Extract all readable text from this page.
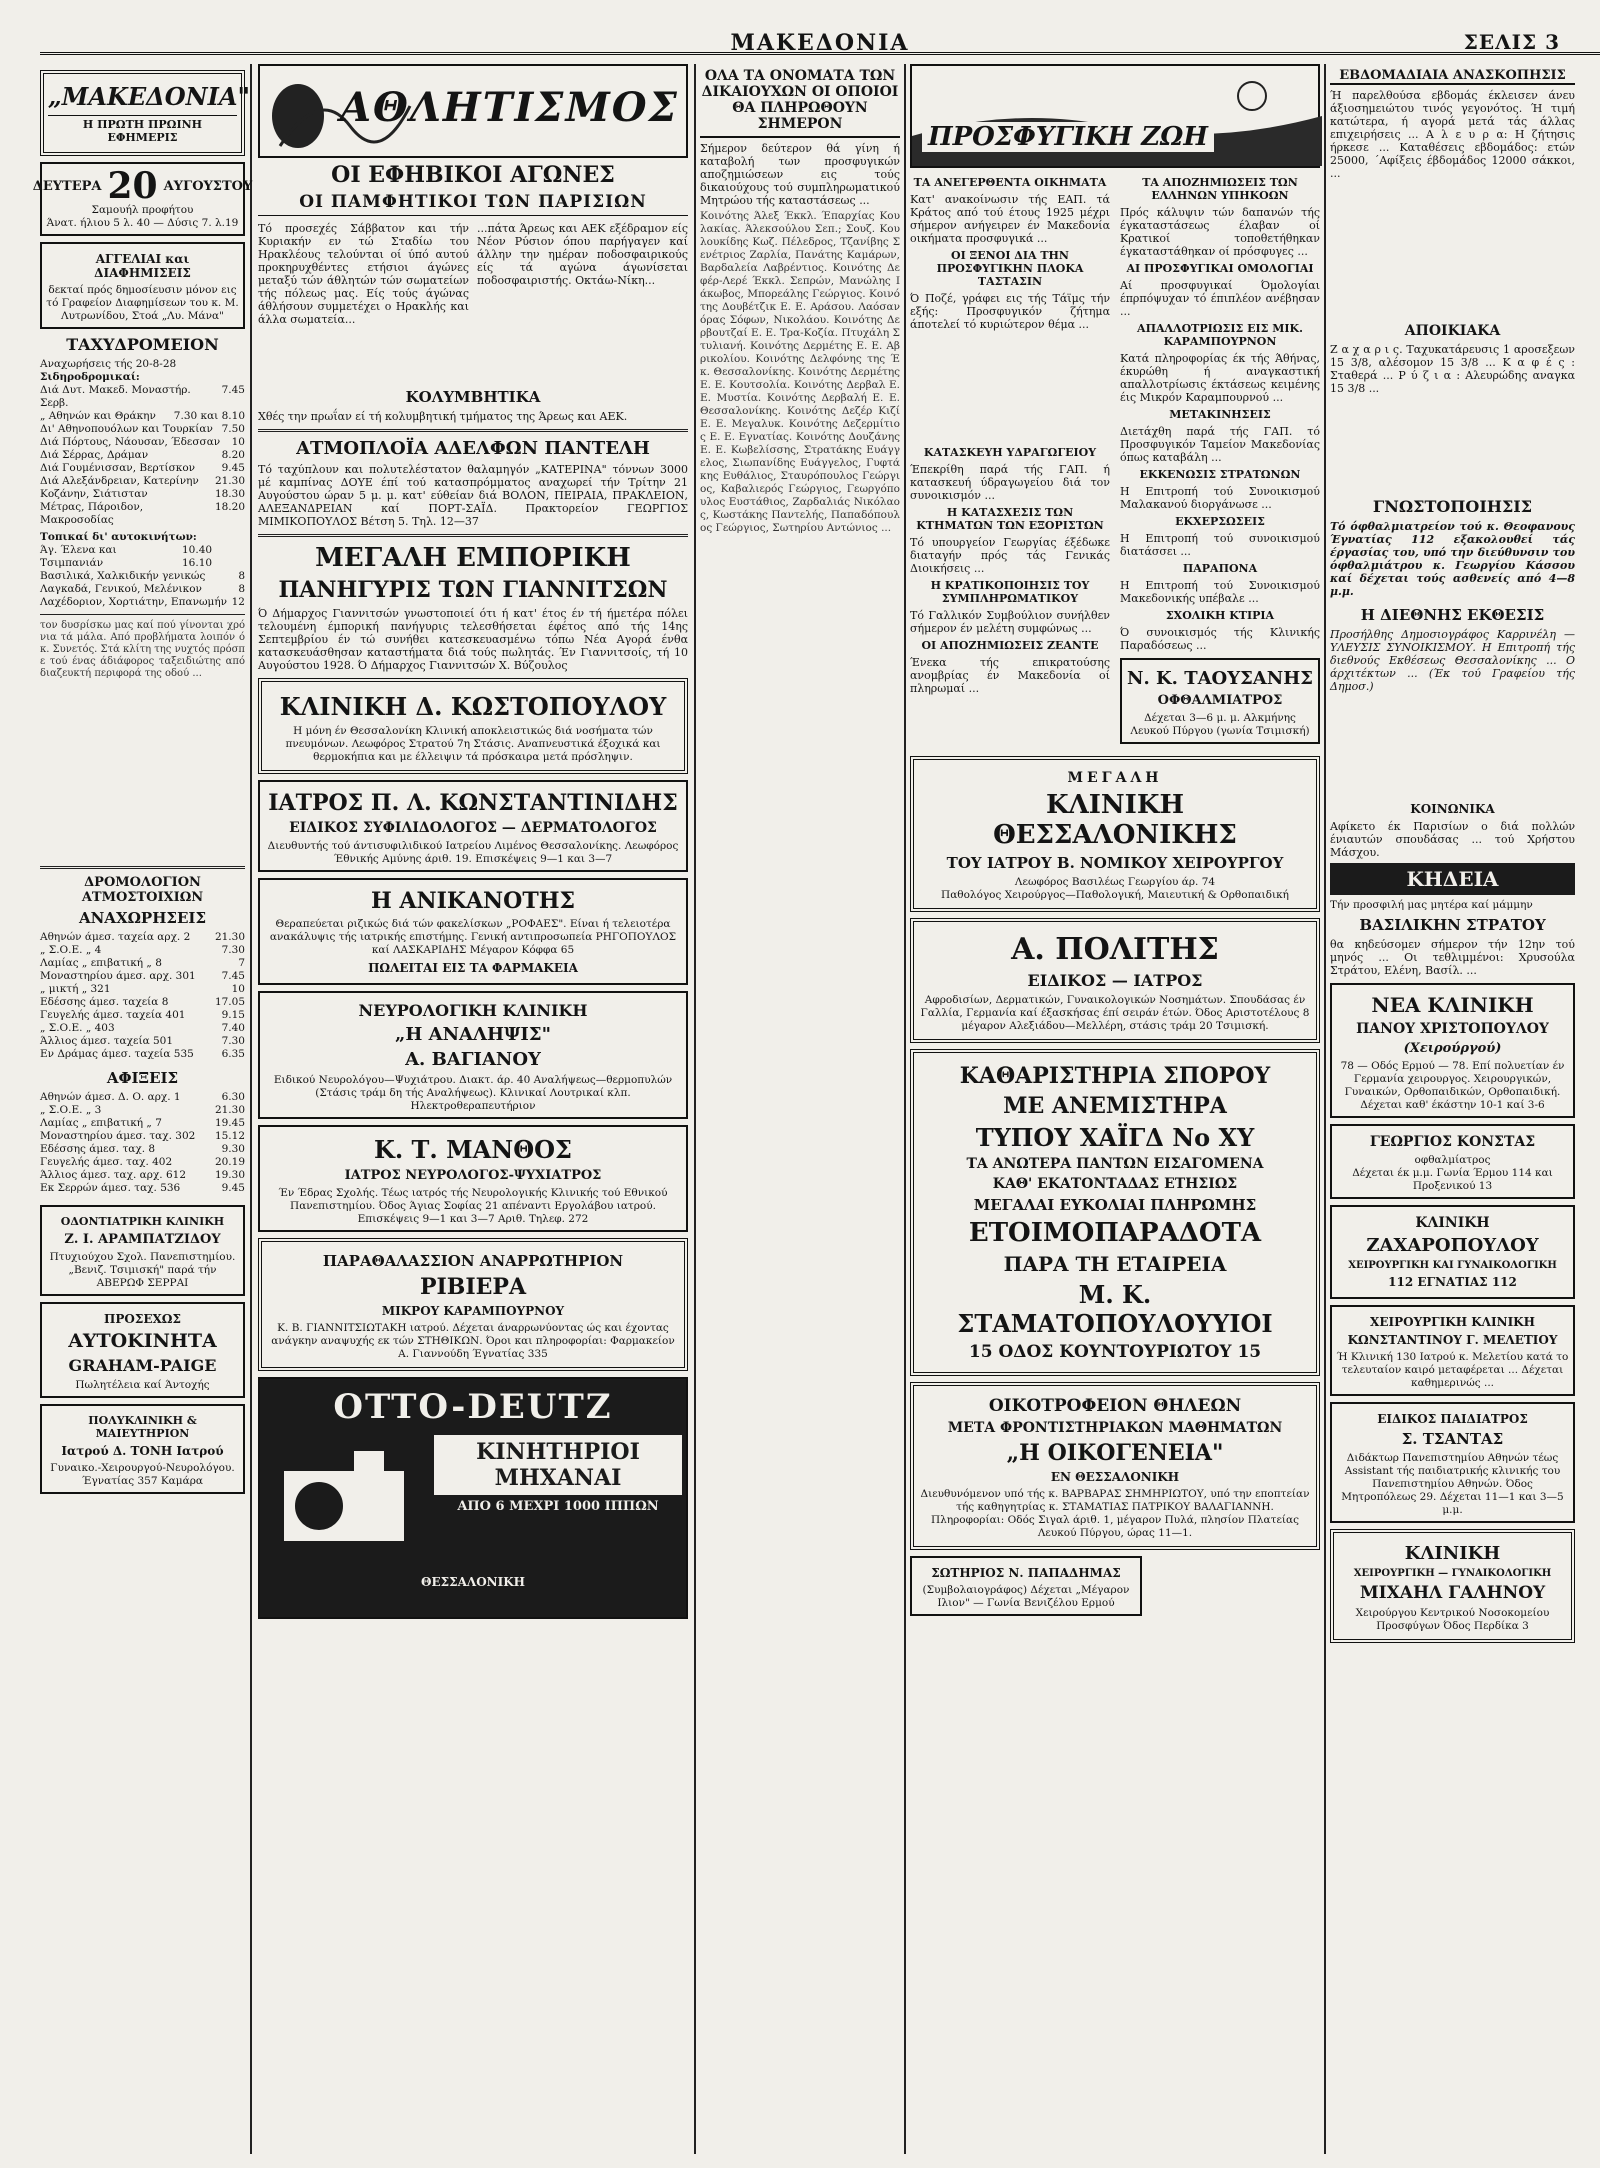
ΜΑΚΕΔΟΝΙΑ	ΣΕΛΙΣ 3
„ΜΑΚΕΔΟΝΙΑ"
Η ΠΡΩΤΗ ΠΡΩΙΝΗ ΕΦΗΜΕΡΙΣ
ΔΕΥΤΕΡΑ 20 ΑΥΓΟΥΣΤΟΥ
Σαμουήλ προφήτου
Άνατ. ήλιου 5 λ. 40 — Δύσις 7. λ.19
ΑΓΓΕΛΙΑΙ και ΔΙΑΦΗΜΙΣΕΙΣ
δεκταί πρός δημοσίευσιν μόνον εις τό Γραφείον Διαφημίσεων του κ. Μ. Λυτρωνίδου, Στοά „Λυ. Μάνα"
ΤΑΧΥΔΡΟΜΕΙΟΝ
Αναχωρήσεις τής 20-8-28
Σιδηροδρομικαί:
Διά Δυτ. Μακεδ. Μοναστήρ. Σερβ.
7.45
„ Αθηνών και Θράκην 7.30 και 8.10
Δι' Αθηνοπουόλων και Τουρκίαν 7.50
Διά Πόρτους, Νάουσαν, Έδεσσαν 10
Διά Σέρρας, Δράμαν	8.20
Διά Γουμένισσαν, Βερτίσκον	9.45
Διά Αλεξάνδρειαν, Κατερίνην 21.30
Κοζάνην, Σιάτισταν	18.30
Μέτρας, Πάροιδον, Μακροσοδίας
18.20
Τοπικαί δι' αυτοκινήτων:
Άγ. Έλενα και Τσιμπανιάν
10.40 16.10
Βασιλικά, Χαλκιδικήν γενικώς	8
Λαγκαδά, Γενικού, Μελένικον	8
Λαχέδοριον, Χορτιάτην, Επανωμήν 12
τον δυσρίσκω μας καί πού γίνονται χρόνια τά μάλα. Από προβλήματα λοιπόν ό κ. Συνετός. Στά κλίτη της νυχτός πρόσπε τού ένας άδιάφορος ταξειδιώτης από διαζευκτή περιφορά της οδού ...
ΔΡΟΜΟΛΟΓΙΟΝ ΑΤΜΟΣΤΟΙΧΙΩΝ
ΑΝΑΧΩΡΗΣΕΙΣ
Αθηνών άμεσ. ταχεία αρχ. 2 21.30
„ Σ.Ο.Ε. „ 4	7.30
Λαμίας „ επιβατική „ 8	7
Μοναστηρίου άμεσ. αρχ. 301 7.45
„ μικτή „ 321	10
Εδέσσης άμεσ. ταχεία 8	17.05
Γευγελής άμεσ. ταχεία 401	9.15
„ Σ.Ο.Ε. „ 403	7.40
Άλλιος άμεσ. ταχεία 501	7.30
Εν Δράμας άμεσ. ταχεία 535	6.35
ΑΦΙΞΕΙΣ
Αθηνών άμεσ. Δ. Ο. αρχ. 1	6.30
„ Σ.Ο.Ε. „ 3	21.30
Λαμίας „ επιβατική „ 7	19.45
Μοναστηρίου άμεσ. ταχ. 302 15.12
Εδέσσης άμεσ. ταχ. 8	9.30
Γευγελής άμεσ. ταχ. 402	20.19
Άλλιος άμεσ. ταχ. αρχ. 612	19.30
Εκ Σερρών άμεσ. ταχ. 536	9.45
ΟΔΟΝΤΙΑΤΡΙΚΗ ΚΛΙΝΙΚΗ
Ζ. Ι. ΑΡΑΜΠΑΤΖΙΔΟΥ
Πτυχιούχου Σχολ. Πανεπιστημίου. „Βενιζ. Τσιμισκή" παρά τήν ΑΒΕΡΩΦ ΣΕΡΡΑΙ
ΠΡΟΣΕΧΩΣ
ΑΥΤΟΚΙΝΗΤΑ
GRAHAM-PAIGE
Πωλητέλεια καί Άντοχής
ΠΟΛΥΚΛΙΝΙΚΗ & ΜΑΙΕΥΤΗΡΙΟΝ
Ιατρού Δ. ΤΟΝΗ Ιατρού
Γυναικο.-Χειρουργού-Νευρολόγου. Έγνατίας 357 Καμάρα
ΑΘΛΗΤΙΣΜΟΣ
ΟΙ ΕΦΗΒΙΚΟΙ ΑΓΩΝΕΣ
ΟΙ ΠΑΜΦΗΤΙΚΟΙ ΤΩΝ ΠΑΡΙΣΙΩΝ
Τό προσεχές Σάββατον και τήν Κυριακήν εν τώ Σταδίω του Ηρακλέους τελούνται οί ύπό αυτού προκηρυχθέντες ετήσιοι άγώνες μεταξύ τών άθλητών τών σωματείων τής πόλεως μας. Είς τούς άγώνας άθλήσουν συμμετέχει ο Ηρακλής και άλλα σωματεία...
...πάτα Άρεως και ΑΕΚ εξέδραμον είς Νέον Ρύσιον όπου παρήγαγεν καί άλλην την ημέραν ποδοσφαιρικούς είς τά αγώνα άγωνίσεται ποδοσφαιριστής. Οκτάω-Νίκη...
ΚΟΛΥΜΒΗΤΙΚΑ
Χθές την πρωΐαν εί τή κολυμβητική τμήματος της Άρεως και ΑΕΚ.
ΑΤΜΟΠΛΟΪΑ ΑΔΕΛΦΩΝ ΠΑΝΤΕΛΗ
Τό ταχύπλουν και πολυτελέστατον θαλαμηγόν „ΚΑΤΕΡΙΝΑ" τόννων 3000 μέ καμπίνας ΔΟΥΕ έπί τού κατασπρόμματος αναχωρεί τήν Τρίτην 21 Αυγούστου ώραν 5 μ. μ. κατ' εύθείαν διά ΒΟΛΟΝ, ΠΕΙΡΑΙΑ, ΠΡΑΚΛΕΙΟΝ, ΑΛΕΞΑΝΔΡΕΙΑΝ καί ΠΟΡΤ-ΣΑΪΔ. Πρακτορείον ΓΕΩΡΓΙΟΣ ΜΙΜΙΚΟΠΟΥΛΟΣ Βέτση 5. Τηλ. 12—37
ΜΕΓΑΛΗ ΕΜΠΟΡΙΚΗ
ΠΑΝΗΓΥΡΙΣ ΤΩΝ ΓΙΑΝΝΙΤΣΩΝ
Ό Δήμαρχος Γιαννιτσών γνωστοποιεί ότι ή κατ' έτος έν τή ήμετέρα πόλει τελουμένη έμπορική πανήγυρις τελεσθήσεται έφέτος από τής 14ης Σεπτεμβρίου έν τώ συνήθει κατεσκευασμένω τόπω Νέα Αγορά ένθα κατασκευάσθησαν καταστήματα διά τούς πωλητάς. Έν Γιαννιτσοίς, τή 10 Αυγούστου 1928. Ό Δήμαρχος Γιαννιτσών Χ. Βύζουλος
ΚΛΙΝΙΚΗ Δ. ΚΩΣΤΟΠΟΥΛΟΥ
Η μόνη έν Θεσσαλονίκη Κλινική αποκλειστικώς διά νοσήματα τών πνευμόνων. Λεωφόρος Στρατού 7η Στάσις. Αναπνευστικά έξοχικά και θερμοκήπια και με έλλειψιν τά πρόσκαιρα μετά πρόσληψιν.
ΙΑΤΡΟΣ Π. Λ. ΚΩΝΣΤΑΝΤΙΝΙΔΗΣ
ΕΙΔΙΚΟΣ ΣΥΦΙΛΙΔΟΛΟΓΟΣ — ΔΕΡΜΑΤΟΛΟΓΟΣ
Διευθυντής τού άντισυφιλιδικού Ιατρείου Λιμένος Θεσσαλονίκης. Λεωφόρος Έθνικής Αμύνης άριθ. 19. Επισκέψεις 9—1 και 3—7
Η ΑΝΙΚΑΝΟΤΗΣ
Θεραπεύεται ριζικώς διά τών φακελίσκων „ΡΟΦΑΕΣ". Είναι ή τελειοτέρα ανακάλυψις τής ιατρικής επιστήμης. Γενική αντιπροσωπεία ΡΗΓΟΠΟΥΛΟΣ καί ΛΑΣΚΑΡΙΔΗΣ Μέγαρον Κόφφα 65
ΠΩΛΕΙΤΑΙ ΕΙΣ ΤΑ ΦΑΡΜΑΚΕΙΑ
ΝΕΥΡΟΛΟΓΙΚΗ ΚΛΙΝΙΚΗ
„Η ΑΝΑΛΗΨΙΣ"
Α. ΒΑΓΙΑΝΟΥ
Ειδικού Νευρολόγου—Ψυχιάτρου. Διακτ. άρ. 40 Αναλήψεως—θερμοπυλών (Στάσις τράμ δη τής Αναλήψεως). Κλινικαί Λουτρικαί κλπ. Ηλεκτροθεραπευτήριον
Κ. Τ. ΜΑΝΘΟΣ
ΙΑΤΡΟΣ ΝΕΥΡΟΛΟΓΟΣ-ΨΥΧΙΑΤΡΟΣ
Έν Έδρας Σχολής. Τέως ιατρός τής Νευρολογικής Κλινικής τού Εθνικού Πανεπιστημίου. Όδος Άγιας Σοφίας 21 απέναντι Εργολάβου ιατρού. Επισκέψεις 9—1 και 3—7 Αριθ. Τηλεφ. 272
ΠΑΡΑΘΑΛΑΣΣΙΟΝ ΑΝΑΡΡΩΤΗΡΙΟΝ
ΡΙΒΙΕΡΑ
ΜΙΚΡΟΥ ΚΑΡΑΜΠΟΥΡΝΟΥ
Κ. Β. ΓΙΑΝΝΙΤΣΙΩΤΑΚΗ ιατρού. Δέχεται άναρρωνύοντας ώς και έχοντας ανάγκην αναψυχής εκ τών ΣΤΗΘΙΚΩΝ. Όροι και πληροφορίαι: Φαρμακείον Α. Γιαννούδη Έγνατίας 335
OTTO-DEUTZ
ΚΙΝΗΤΗΡΙΟΙ ΜΗΧΑΝΑΙ
ΑΠΟ 6 ΜΕΧΡΙ 1000 ΙΠΠΩΝ
ΘΕΣΣΑΛΟΝΙΚΗ
ΟΛΑ ΤΑ ΟΝΟΜΑΤΑ ΤΩΝ ΔΙΚΑΙΟΥΧΩΝ ΟΙ ΟΠΟΙΟΙ ΘΑ ΠΛΗΡΩΘΟΥΝ ΣΗΜΕΡΟΝ
Σήμερον δεύτερον θά γίνη ή καταβολή των προσφυγικών αποζημιώσεων εις τούς δικαιούχους τού συμπληρωματικού Μητρώου τής καταστάσεως ...
Κοινότης Άλεξ Έκκλ. Έπαρχίας Κουλακίας. Άλεκσούλου Σεπ.; Σουζ. Κουλουκίδης Κωζ. Πέλεδρος, Τζανίβης Σενέτριος Ζαρλία, Πανάτης Καμάρων, Βαρδαλεία Λαβρέντιος. Κοινότης Δεφέρ-Λερέ Έκκλ. Σεπρών, Μανώλης Ιάκωβος, Μπορεάλης Γεώργιος. Κοινότης Δουβέτζικ Ε. Ε. Αράσου. Λαόσανόρας Σόφων, Νικολάου. Κοινότης Δερβουτζαί Ε. Ε. Τρα-Κοζία. Πτυχάλη Στυλιανή. Κοινότης Δερμέτης Ε. Ε. Αβρικολίου. Κοινότης Δελφόνης της Έκ. Θεσσαλονίκης. Κοινότης Δερμέτης Ε. Ε. Κουτσολία. Κοινότης Δερβαλ Ε. Ε. Μυστία. Κοινότης Δερβαλή Ε. Ε. Θεσσαλονίκης. Κοινότης Δεζέρ Κιζί Ε. Ε. Μεγαλυκ. Κοινότης Δεζερμίτιος Ε. Ε. Εγνατίας. Κοινότης Δουζάνης Ε. Ε. Κωβελίσσης, Στρατάκης Ευάγγελος, Σιωπανίδης Ευάγγελος, Γυφτάκης Ευθάλιος, Σταυρόπουλος Γεώργιος, Καβαλιερός Γεώργιος, Γεωργόπουλος Ευστάθιος, Ζαρδαλιάς Νικόλαος, Κωστάκης Παντελής, Παπαδόπουλος Γεώργιος, Σωτηρίου Αντώνιος ...
ΠΡΟΣΦΥΓΙΚΗ ΖΩΗ
ΤΑ ΑΝΕΓΕΡΘΕΝΤΑ ΟΙΚΗΜΑΤΑ
Κατ' ανακοίνωσιν τής ΕΑΠ. τά Κράτος από τού έτους 1925 μέχρι σήμερον ανήγειρεν έν Μακεδονία οικήματα προσφυγικά ...
ΟΙ ΞΕΝΟΙ ΔΙΑ ΤΗΝ ΠΡΟΣΦΥΓΙΚΗΝ ΠΛΟΚΑ ΤΑΣΤΑΣΙΝ
Ό Ποζέ, γράφει εις τής Τάϊμς τήν εξής: Προσφυγικόν ζήτημα άποτελεί τό κυριώτερον θέμα ...
ΚΑΤΑΣΚΕΥΗ ΥΔΡΑΓΩΓΕΙΟΥ
Έπεκρίθη παρά τής ΓΑΠ. ή κατασκευή ύδραγωγείου διά τον συνοικισμόν ...
Η ΚΑΤΑΣΧΕΣΙΣ ΤΩΝ ΚΤΗΜΑΤΩΝ ΤΩΝ ΕΞΟΡΙΣΤΩΝ
Τό υπουργείον Γεωργίας έξέδωκε διαταγήν πρός τάς Γενικάς Διοικήσεις ...
Η ΚΡΑΤΙΚΟΠΟΙΗΣΙΣ ΤΟΥ ΣΥΜΠΛΗΡΩΜΑΤΙΚΟΥ
Τό Γαλλικόν Συμβούλιον συνήλθεν σήμερον έν μελέτη συμφώνως ...
ΟΙ ΑΠΟΖΗΜΙΩΣΕΙΣ ΖΕΑΝΤΕ
Ένεκα τής επικρατούσης ανομβρίας έν Μακεδονία οί πληρωμαί ...
ΤΑ ΑΠΟΖΗΜΙΩΣΕΙΣ ΤΩΝ ΕΛΛΗΝΩΝ ΥΠΗΚΟΩΝ
Πρός κάλυψιν τών δαπανών τής έγκαταστάσεως έλαβαν οί Κρατικοί τοποθετήθηκαν έγκαταστάθηκαν οί πρόσφυγες ...
ΑΙ ΠΡΟΣΦΥΓΙΚΑΙ ΟΜΟΛΟΓΙΑΙ
Αί προσφυγικαί Όμολογίαι έπρπόψυχαν τό έπιπλέον ανέβησαν ...
ΑΠΑΛΛΟΤΡΙΩΣΙΣ ΕΙΣ ΜΙΚ. ΚΑΡΑΜΠΟΥΡΝΟΝ
Κατά πληροφορίας έκ τής Άθήνας, έκυρώθη ή αναγκαστική απαλλοτρίωσις έκτάσεως κειμένης έις Μικρόν Καραμπουρνού ...
ΜΕΤΑΚΙΝΗΣΕΙΣ
Διετάχθη παρά τής ΓΑΠ. τό Προσφυγικόν Ταμείον Μακεδονίας όπως καταβάλη ...
ΕΚΚΕΝΩΣΙΣ ΣΤΡΑΤΩΝΩΝ
Η Επιτροπή τού Συνοικισμού Μαλακανού διοργάνωσε ...
ΕΚΧΕΡΣΩΣΕΙΣ
Η Επιτροπή τού συνοικισμού διατάσσει ...
ΠΑΡΑΠΟΝΑ
Η Επιτροπή τού Συνοικισμού Μακεδονικής υπέβαλε ...
ΣΧΟΛΙΚΗ ΚΤΙΡΙΑ
Ό συνοικισμός τής Κλινικής Παραδόσεως ...
Ν. Κ. ΤΑΟΥΣΑΝΗΣ
ΟΦΘΑΛΜΙΑΤΡΟΣ
Δέχεται 3—6 μ. μ. Αλκμήνης Λευκού Πύργου (γωνία Τσιμισκή)
ΜΕΓΑΛΗ
ΚΛΙΝΙΚΗ ΘΕΣΣΑΛΟΝΙΚΗΣ
ΤΟΥ ΙΑΤΡΟΥ Β. ΝΟΜΙΚΟΥ ΧΕΙΡΟΥΡΓΟΥ
Λεωφόρος Βασιλέως Γεωργίου άρ. 74
Παθολόγος Χειρούργος—Παθολογική, Μαιευτική & Ορθοπαιδική
Α. ΠΟΛΙΤΗΣ
ΕΙΔΙΚΟΣ — ΙΑΤΡΟΣ
Αφροδισίων, Δερματικών, Γυναικολογικών Νοσημάτων. Σπουδάσας έν Γαλλία, Γερμανία καί έξασκήσας έπί σειράν έτών. Όδος Αριστοτέλους 8 μέγαρον Αλεξιάδου—Μελλέρη, στάσις τράμ 20 Τσιμισκή.
ΚΑΘΑΡΙΣΤΗΡΙΑ ΣΠΟΡΟΥ
ΜΕ ΑΝΕΜΙΣΤΗΡΑ
ΤΥΠΟΥ ΧΑΪΓΔ Νο XY
ΤΑ ΑΝΩΤΕΡΑ ΠΑΝΤΩΝ ΕΙΣΑΓΟΜΕΝΑ
ΚΑΘ' ΕΚΑΤΟΝΤΑΔΑΣ ΕΤΗΣΙΩΣ
ΜΕΓΑΛΑΙ ΕΥΚΟΛΙΑΙ ΠΛΗΡΩΜΗΣ
ΕΤΟΙΜΟΠΑΡΑΔΟΤΑ
ΠΑΡΑ ΤΗ ΕΤΑΙΡΕΙΑ
Μ. Κ. ΣΤΑΜΑΤΟΠΟΥΛΟΥΥΙΟΙ
15 ΟΔΟΣ ΚΟΥΝΤΟΥΡΙΩΤΟΥ 15
ΟΙΚΟΤΡΟΦΕΙΟΝ ΘΗΛΕΩΝ
ΜΕΤΑ ΦΡΟΝΤΙΣΤΗΡΙΑΚΩΝ ΜΑΘΗΜΑΤΩΝ
„Η ΟΙΚΟΓΕΝΕΙΑ"
ΕΝ ΘΕΣΣΑΛΟΝΙΚΗ
Διευθυνόμενον υπό τής κ. ΒΑΡΒΑΡΑΣ ΣΗΜΗΡΙΩΤΟΥ, υπό την εποπτείαν τής καθηγητρίας κ. ΣΤΑΜΑΤΙΑΣ ΠΑΤΡΙΚΟΥ ΒΑΛΑΓΙΑΝΝΗ. Πληροφορίαι: Οδός Σιγαλ άριθ. 1, μέγαρον Πυλά, πλησίον Πλατείας Λευκού Πύργου, ώρας 11—1.
ΣΩΤΗΡΙΟΣ Ν. ΠΑΠΑΔΗΜΑΣ
(Συμβολαιογράφος) Δέχεται „Μέγαρον Ιλιον" — Γωνία Βενιζέλου Ερμού
ΕΒΔΟΜΑΔΙΑΙΑ ΑΝΑΣΚΟΠΗΣΙΣ
Ή παρελθούσα εβδομάς έκλεισεν άνευ άξιοσημειώτου τινός γεγονότος. Ή τιμή κατώτερα, ή αγορά μετά τάς άλλας επιχειρήσεις ... Α λ ε υ ρ α: Η ζήτησις ήρκεσε ... Καταθέσεις εβδομάδος: ετών 25000, ΄Αφίξεις έβδομάδος 12000 σάκκοι, ...
ΑΠΟΙΚΙΑΚΑ
Ζ α χ α ρ ι ς. Ταχυκατάρευσις 1 αροσεξεων 15 3/8, αλέσομον 15 3/8 ... Κ α φ έ ς : Σταθερά ... Ρ ύ ζ ι α : Αλευρώδης αναγκα 15 3/8 ...
ΓΝΩΣΤΟΠΟΙΗΣΙΣ
Τό όφθαλμιατρείον τού κ. Θεοφανους Έγνατίας 112 εξακολουθεί τάς έργασίας του, υπό την διεύθυνσιν του όφθαλμιάτρου κ. Γεωργίου Κάσσου καί δέχεται τούς ασθενείς από 4—8 μ.μ.
Η ΔΙΕΘΝΗΣ ΕΚΘΕΣΙΣ
Προσήλθης Δημοσιογράφος Καρρινέλη — ΥΛΕΥΣΙΣ ΣΥΝΟΙΚΙΣΜΟΥ. Η Επιτροπή τής διεθνούς Εκθέσεως Θεσσαλονίκης ... Ο άρχιτέκτων ... (Έκ τού Γραφείου τής Δημοσ.)
ΚΟΙΝΩΝΙΚΑ
Αφίκετο έκ Παρισίων ο διά πολλών ένιαυτών σπουδάσας ... τού Χρήστου Μάσχου.
ΚΗΔΕΙΑ
Τήν προσφιλή μας μητέρα καί μάμμην
ΒΑΣΙΛΙΚΗΝ ΣΤΡΑΤΟΥ
θα κηδεύσομεν σήμερον τήν 12ην τού μηνός ... Οι τεθλιμμένοι: Χρυσούλα Στράτου, Ελένη, Βασίλ. ...
ΝΕΑ ΚΛΙΝΙΚΗ
ΠΑΝΟΥ ΧΡΙΣΤΟΠΟΥΛΟΥ
(Χειρούργού)
78 — Οδός Ερμού — 78. Επί πολυετίαν έν Γερμανία χειρουργος. Χειρουργικών, Γυναικών, Ορθοπαιδικών, Ορθοπαιδική. Δέχεται καθ' έκάστην 10-1 καί 3-6
ΓΕΩΡΓΙΟΣ ΚΟΝΣΤΑΣ
οφθαλμίατρος
Δέχεται έκ μ.μ. Γωνία Έρμου 114 και Προξενικού 13
ΚΛΙΝΙΚΗ
ΖΑΧΑΡΟΠΟΥΛΟΥ
ΧΕΙΡΟΥΡΓΙΚΗ ΚΑΙ ΓΥΝΑΙΚΟΛΟΓΙΚΗ
112 ΕΓΝΑΤΙΑΣ 112
ΧΕΙΡΟΥΡΓΙΚΗ ΚΛΙΝΙΚΗ
ΚΩΝΣΤΑΝΤΙΝΟΥ Γ. ΜΕΛΕΤΙΟΥ
Ή Κλινική 130 Ιατρού κ. Μελετίου κατά το τελευταίον καιρό μεταφέρεται ... Δέχεται καθημερινώς ...
ΕΙΔΙΚΟΣ ΠΑΙΔΙΑΤΡΟΣ
Σ. ΤΣΑΝΤΑΣ
Διδάκτωρ Πανεπιστημίου Αθηνών τέως Assistant τής παιδιατρικής κλινικής του Πανεπιστημίου Αθηνών. Όδος Μητροπόλεως 29. Δέχεται 11—1 και 3—5 μ.μ.
ΚΛΙΝΙΚΗ
ΧΕΙΡΟΥΡΓΙΚΗ — ΓΥΝΑΙΚΟΛΟΓΙΚΗ
ΜΙΧΑΗΛ ΓΑΛΗΝΟΥ
Χειρούργου Κεντρικού Νοσοκομείου Προσφύγων Όδος Περδίκα 3
